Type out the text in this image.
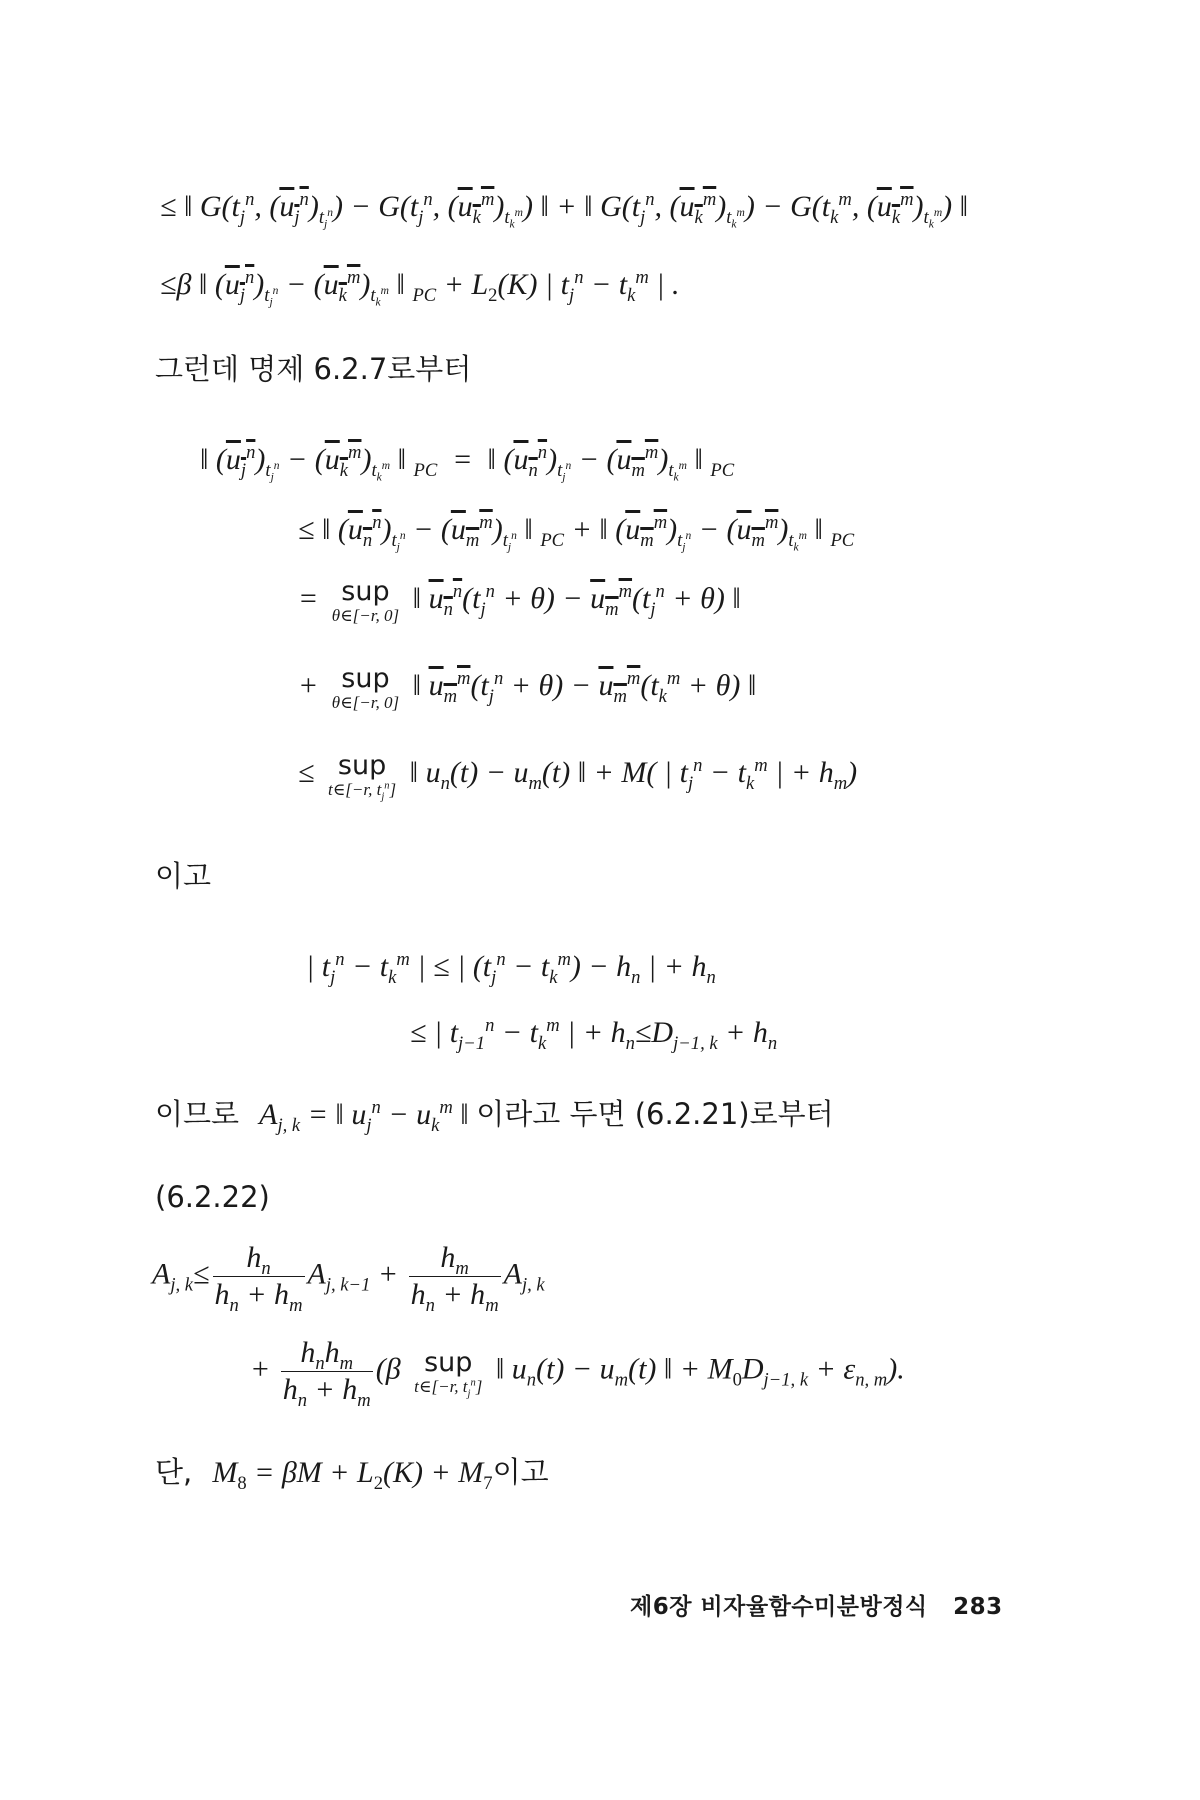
≤ ‖ $G(t_j^n$, $(u_j^n)_{t_j^n}) - G(t_j^n$, $(u_k^m)_{t_k^m}$) ‖ + ‖ $G(t_j^n$, $(u_k^m)_{t_k^m}) - G(t_k^m$, $(u_k^m)_{t_k^m}$) ‖
≤β ‖ $(u_j^n)_{t_j^n} - (u_k^m)_{t_k^m}$ ‖ $_{PC} + L_2(K)$ | $t_j^n - t_k^m$ | .
그런데 명제 6.2.7로부터
‖ $(u_j^n)_{t_j^n} - (u_k^m)_{t_k^m}$ ‖ $_{PC}$  =  ‖ $(u_n^n)_{t_j^n} - (u_m^m)_{t_k^m}$ ‖ $_{PC}$
≤ ‖ $(u_n^n)_{t_j^n} - (u_m^m)_{t_j^n}$ ‖ $_{PC}$ + ‖ $(u_m^m)_{t_j^n} - (u_m^m)_{t_k^m}$ ‖ $_{PC}$
= sup
θ∈[−r, 0]
‖ $u_n^n(t_j^n + \theta) - u_m^m(t_j^n + \theta)$ ‖
+ sup
θ∈[−r, 0]
‖ $u_m^m(t_j^n + \theta) - u_m^m(t_k^m + \theta)$ ‖
≤ sup
t∈[−r, $t_j^n$]
‖ $u_n(t) - u_m(t)$ ‖ + M( | $t_j^n - t_k^m$ | + $h_m$)
이고
| $t_j^n - t_k^m$ | ≤ | $(t_j^n - t_k^m) - h_n$ | + $h_n$
≤ | $t_{j-1}^n - t_k^m$ | + $h_n\le D_{j-1, k} + h_n$
이므로   $A_{j, k}$ = ‖ $u_j^n - u_k^m$ ‖ 이라고 두면 (6.2.21)로부터
(6.2.22)
$A_{j, k}\le \frac{h_n}{h_n + h_m} A_{j, k-1} + \frac{h_m}{h_n + h_m} A_{j, k}$
+ $\frac{h_nh_m}{h_n + h_m} (\beta$ sup
t∈[−r, $t_j^n$]
‖ $u_n(t) - u_m(t)$ ‖ + $M_0D_{j-1, k} + \varepsilon_{n, m}$).
단,   $M_8 = \beta M + L_2(K) + M_7$이고
제6장 비자율함수미분방정식 283
